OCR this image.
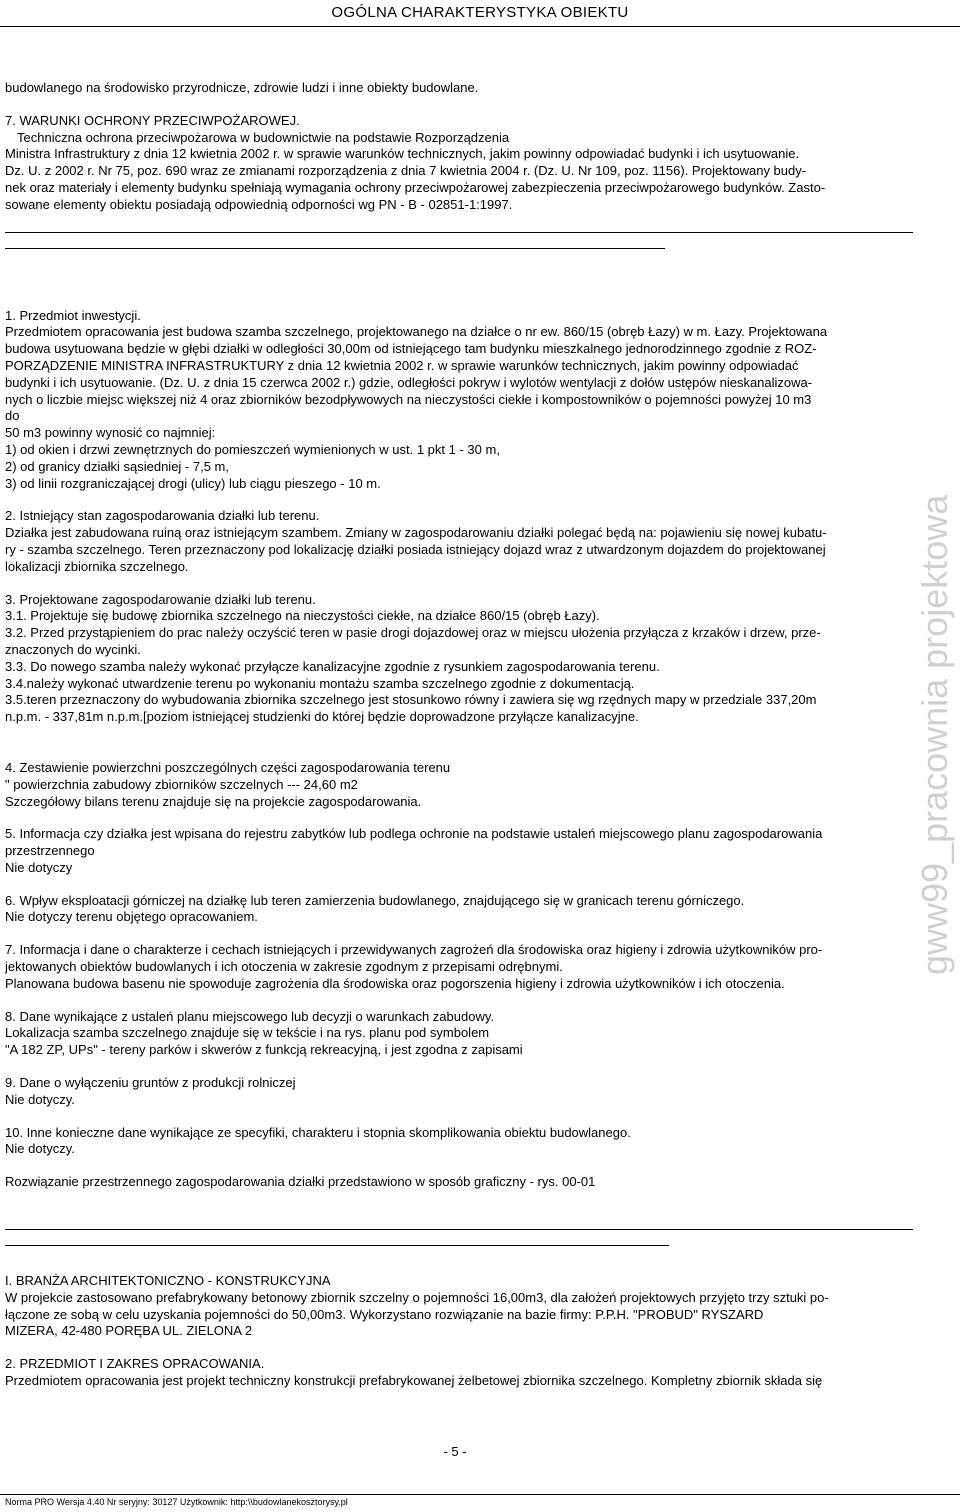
OGÓLNA CHARAKTERYSTYKA OBIEKTU

budowlanego na środowisko przyrodnicze, zdrowie ludzi i inne obiekty budowlane.

7. WARUNKI OCHRONY PRZECIWPOŻAROWEJ.
Techniczna ochrona przeciwpożarowa w budownictwie na podstawie Rozporządzenia
Ministra Infrastruktury z dnia 12 kwietnia 2002 r. w sprawie warunków technicznych, jakim powinny odpowiadać budynki i ich usytuowanie.
Dz. U. z 2002 r. Nr 75, poz. 690 wraz ze zmianami rozporządzenia z dnia 7 kwietnia 2004 r. (Dz. U. Nr 109, poz. 1156). Projektowany budy-
nek oraz materiały i elementy budynku spełniają wymagania ochrony przeciwpożarowej zabezpieczenia przeciwpożarowego budynków. Zasto-
sowane elementy obiektu posiadają odpowiednią odporności wg PN - B - 02851-1:1997.

1. Przedmiot inwestycji.
Przedmiotem opracowania jest budowa szamba szczelnego, projektowanego na działce o nr ew. 860/15 (obręb Łazy) w m. Łazy. Projektowana
budowa usytuowana będzie w głębi działki w odległości 30,00m od istniejącego tam budynku mieszkalnego jednorodzinnego zgodnie z ROZ-
PORZĄDZENIE MINISTRA INFRASTRUKTURY z dnia 12 kwietnia 2002 r. w sprawie warunków technicznych, jakim powinny odpowiadać
budynki i ich usytuowanie. (Dz. U. z dnia 15 czerwca 2002 r.) gdzie, odległości pokryw i wylotów wentylacji z dołów ustępów nieskanalizowa-
nych o liczbie miejsc większej niż 4 oraz zbiorników bezodpływowych na nieczystości ciekłe i kompostowników o pojemności powyżej 10 m3
do
50 m3 powinny wynosić co najmniej:
1) od okien i drzwi zewnętrznych do pomieszczeń wymienionych w ust. 1 pkt 1 - 30 m,
2) od granicy działki sąsiedniej - 7,5 m,
3) od linii rozgraniczającej drogi (ulicy) lub ciągu pieszego - 10 m.

2. Istniejący stan zagospodarowania działki lub terenu.
Działka jest zabudowana ruiną oraz istniejącym szambem. Zmiany w zagospodarowaniu działki polegać będą na: pojawieniu się nowej kubatu-
ry - szamba szczelnego. Teren przeznaczony pod lokalizację działki posiada istniejący dojazd wraz z utwardzonym dojazdem do projektowanej
lokalizacji zbiornika szczelnego.

3. Projektowane zagospodarowanie działki lub terenu.
3.1. Projektuje się budowę zbiornika szczelnego na nieczystości ciekłe, na działce 860/15 (obręb Łazy).
3.2. Przed przystąpieniem do prac należy oczyścić teren w pasie drogi dojazdowej oraz w miejscu ułożenia przyłącza z krzaków i drzew, prze-
znaczonych do wycinki.
3.3. Do nowego szamba należy wykonać przyłącze kanalizacyjne zgodnie z rysunkiem zagospodarowania terenu.
3.4.należy wykonać utwardzenie terenu po wykonaniu montażu szamba szczelnego zgodnie z dokumentacją.
3.5.teren przeznaczony do wybudowania zbiornika szczelnego jest stosunkowo równy i zawiera się wg rzędnych mapy w przedziale 337,20m
n.p.m. - 337,81m n.p.m.[poziom istniejącej studzienki do której będzie doprowadzone przyłącze kanalizacyjne.

4. Zestawienie powierzchni poszczególnych części zagospodarowania terenu
" powierzchnia zabudowy zbiorników szczelnych --- 24,60 m2
Szczegółowy bilans terenu znajduje się na projekcie zagospodarowania.

5. Informacja czy działka jest wpisana do rejestru zabytków lub podlega ochronie na podstawie ustaleń miejscowego planu zagospodarowania
przestrzennego
Nie dotyczy

6. Wpływ eksploatacji górniczej na działkę lub teren zamierzenia budowlanego, znajdującego się w granicach terenu górniczego.
Nie dotyczy terenu objętego opracowaniem.

7. Informacja i dane o charakterze i cechach istniejących i przewidywanych zagrożeń dla środowiska oraz higieny i zdrowia użytkowników pro-
jektowanych obiektów budowlanych i ich otoczenia w zakresie zgodnym z przepisami odrębnymi.
Planowana budowa basenu nie spowoduje zagrożenia dla środowiska oraz pogorszenia higieny i zdrowia użytkowników i ich otoczenia.

8. Dane wynikające z ustaleń planu miejscowego lub decyzji o warunkach zabudowy.
Lokalizacja szamba szczelnego znajduje się w tekście i na rys. planu pod symbolem
"A 182 ZP, UPs" - tereny parków i skwerów z funkcją rekreacyjną, i jest zgodna z zapisami

9. Dane o wyłączeniu gruntów z produkcji rolniczej
Nie dotyczy.

10. Inne konieczne dane wynikające ze specyfiki, charakteru i stopnia skomplikowania obiektu budowlanego.
Nie dotyczy.

Rozwiązanie przestrzennego zagospodarowania działki przedstawiono w sposób graficzny - rys. 00-01

I. BRANŻA ARCHITEKTONICZNO - KONSTRUKCYJNA
W projekcie zastosowano prefabrykowany betonowy zbiornik szczelny o pojemności 16,00m3, dla założeń projektowych przyjęto trzy sztuki po-
łączone ze sobą w celu uzyskania pojemności do 50,00m3. Wykorzystano rozwiązanie na bazie firmy: P.P.H. "PROBUD" RYSZARD
MIZERA, 42-480 PORĘBA UL. ZIELONA 2

2. PRZEDMIOT I ZAKRES OPRACOWANIA.
Przedmiotem opracowania jest projekt techniczny konstrukcji prefabrykowanej żelbetowej zbiornika szczelnego. Kompletny zbiornik składa się

gww99_pracownia projektowa
- 5 -
Norma PRO Wersja 4.40 Nr seryjny: 30127 Użytkownik: http:\\budowlanekosztorysy.pl
